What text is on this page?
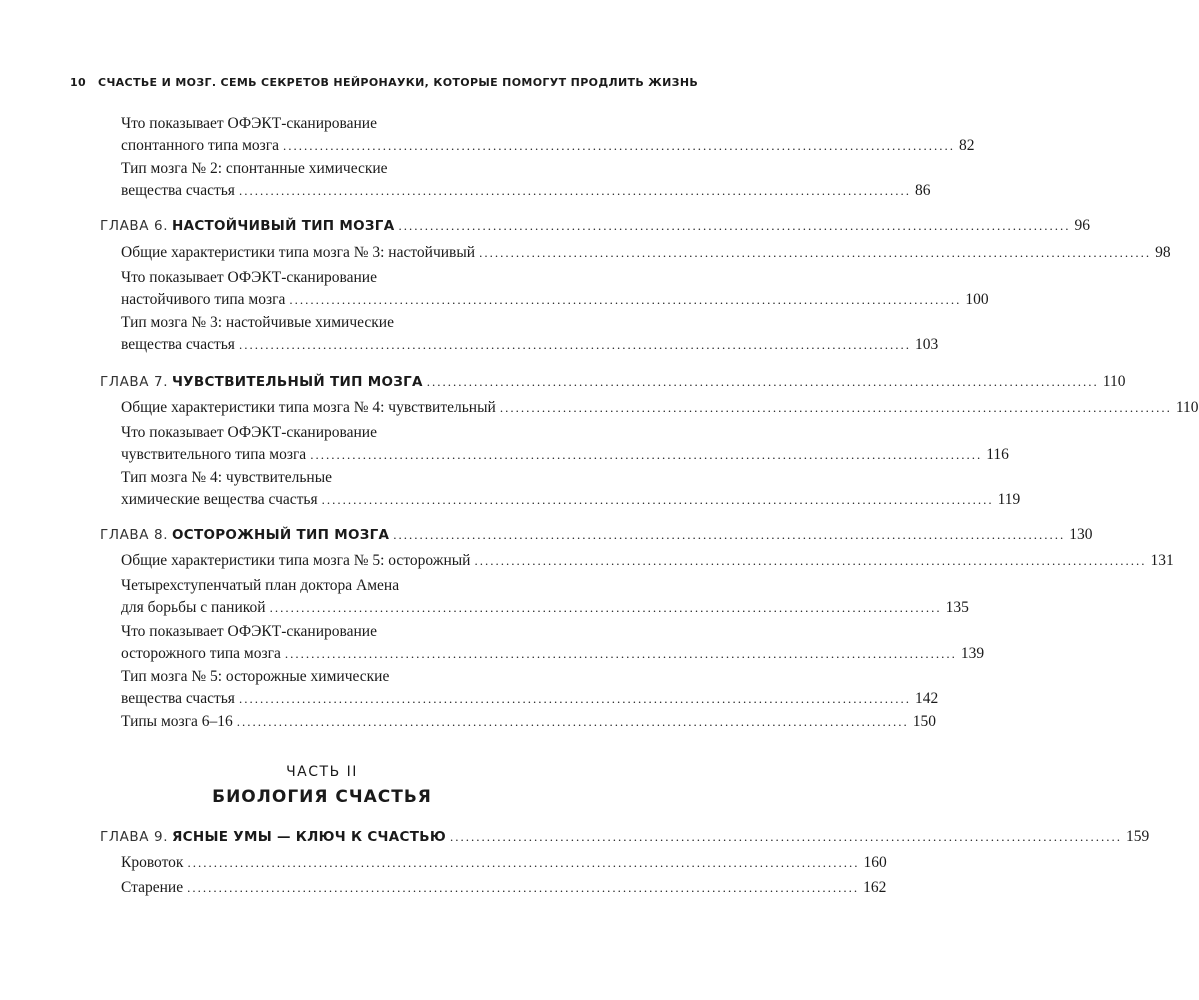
10 СЧАСТЬЕ И МОЗГ. СЕМЬ СЕКРЕТОВ НЕЙРОНАУКИ, КОТОРЫЕ ПОМОГУТ ПРОДЛИТЬ ЖИЗНЬ
Что показывает ОФЭКТ-сканирование
спонтанного типа мозга ................................................................................................................................ 82
Тип мозга № 2: спонтанные химические
вещества счастья ................................................................................................................................ 86
ГЛАВА 6. НАСТОЙЧИВЫЙ ТИП МОЗГА ................................................................................................................................ 96
Общие характеристики типа мозга № 3: настойчивый ................................................................................................................................ 98
Что показывает ОФЭКТ-сканирование
настойчивого типа мозга ................................................................................................................................ 100
Тип мозга № 3: настойчивые химические
вещества счастья ................................................................................................................................ 103
ГЛАВА 7. ЧУВСТВИТЕЛЬНЫЙ ТИП МОЗГА ................................................................................................................................ 110
Общие характеристики типа мозга № 4: чувствительный ................................................................................................................................ 110
Что показывает ОФЭКТ-сканирование
чувствительного типа мозга ................................................................................................................................ 116
Тип мозга № 4: чувствительные
химические вещества счастья ................................................................................................................................ 119
ГЛАВА 8. ОСТОРОЖНЫЙ ТИП МОЗГА ................................................................................................................................ 130
Общие характеристики типа мозга № 5: осторожный ................................................................................................................................ 131
Четырехступенчатый план доктора Амена
для борьбы с паникой ................................................................................................................................ 135
Что показывает ОФЭКТ-сканирование
осторожного типа мозга ................................................................................................................................ 139
Тип мозга № 5: осторожные химические
вещества счастья ................................................................................................................................ 142
Типы мозга 6–16 ................................................................................................................................ 150
ЧАСТЬ II
БИОЛОГИЯ СЧАСТЬЯ
ГЛАВА 9. ЯСНЫЕ УМЫ — КЛЮЧ К СЧАСТЬЮ ................................................................................................................................ 159
Кровоток ................................................................................................................................ 160
Старение ................................................................................................................................ 162
